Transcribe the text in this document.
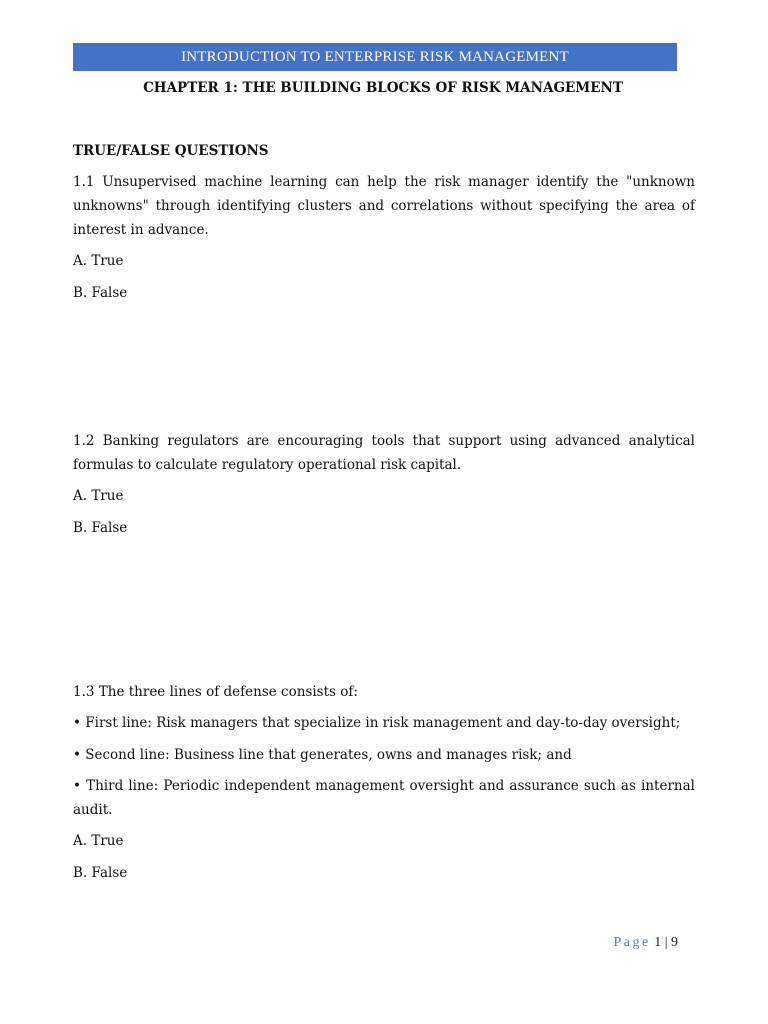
INTRODUCTION TO ENTERPRISE RISK MANAGEMENT
CHAPTER 1: THE BUILDING BLOCKS OF RISK MANAGEMENT
TRUE/FALSE QUESTIONS
1.1 Unsupervised machine learning can help the risk manager identify the "unknown unknowns" through identifying clusters and correlations without specifying the area of interest in advance.
A. True
B. False
1.2 Banking regulators are encouraging tools that support using advanced analytical formulas to calculate regulatory operational risk capital.
A. True
B. False
1.3 The three lines of defense consists of:
• First line: Risk managers that specialize in risk management and day-to-day oversight;
• Second line: Business line that generates, owns and manages risk; and
• Third line: Periodic independent management oversight and assurance such as internal audit.
A. True
B. False
Page 1 | 9
